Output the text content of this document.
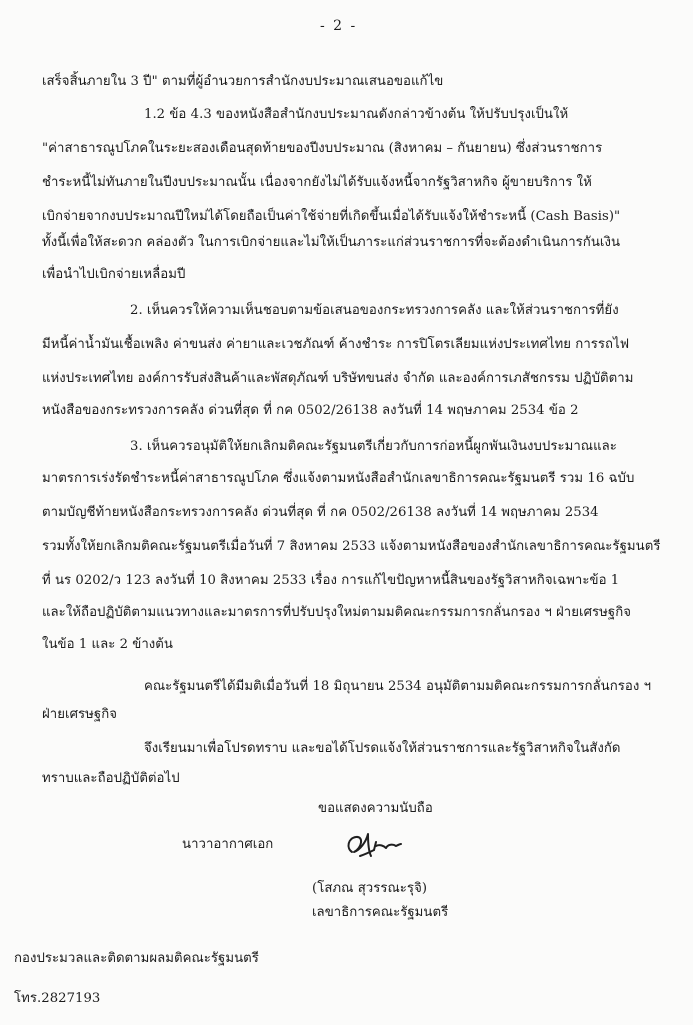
- 2 -
เสร็จสิ้นภายใน 3 ปี" ตามที่ผู้อำนวยการสำนักงบประมาณเสนอขอแก้ไข
1.2 ข้อ 4.3 ของหนังสือสำนักงบประมาณดังกล่าวข้างต้น ให้ปรับปรุงเป็นให้
"ค่าสาธารณูปโภคในระยะสองเดือนสุดท้ายของปีงบประมาณ (สิงหาคม – กันยายน) ซึ่งส่วนราชการ
ชำระหนี้ไม่ทันภายในปีงบประมาณนั้น เนื่องจากยังไม่ได้รับแจ้งหนี้จากรัฐวิสาหกิจ ผู้ขายบริการ ให้
เบิกจ่ายจากงบประมาณปีใหม่ได้โดยถือเป็นค่าใช้จ่ายที่เกิดขึ้นเมื่อได้รับแจ้งให้ชำระหนี้ (Cash Basis)"
ทั้งนี้เพื่อให้สะดวก คล่องตัว ในการเบิกจ่ายและไม่ให้เป็นภาระแก่ส่วนราชการที่จะต้องดำเนินการกันเงิน
เพื่อนำไปเบิกจ่ายเหลื่อมปี
2. เห็นควรให้ความเห็นชอบตามข้อเสนอของกระทรวงการคลัง และให้ส่วนราชการที่ยัง
มีหนี้ค่าน้ำมันเชื้อเพลิง ค่าขนส่ง ค่ายาและเวชภัณฑ์ ค้างชำระ การปิโตรเลียมแห่งประเทศไทย การรถไฟ
แห่งประเทศไทย องค์การรับส่งสินค้าและพัสดุภัณฑ์ บริษัทขนส่ง จำกัด และองค์การเภสัชกรรม ปฏิบัติตาม
หนังสือของกระทรวงการคลัง ด่วนที่สุด ที่ กค 0502/26138 ลงวันที่ 14 พฤษภาคม 2534 ข้อ 2
3. เห็นควรอนุมัติให้ยกเลิกมติคณะรัฐมนตรีเกี่ยวกับการก่อหนี้ผูกพันเงินงบประมาณและ
มาตรการเร่งรัดชำระหนี้ค่าสาธารณูปโภค ซึ่งแจ้งตามหนังสือสำนักเลขาธิการคณะรัฐมนตรี รวม 16 ฉบับ
ตามบัญชีท้ายหนังสือกระทรวงการคลัง ด่วนที่สุด ที่ กค 0502/26138 ลงวันที่ 14 พฤษภาคม 2534
รวมทั้งให้ยกเลิกมติคณะรัฐมนตรีเมื่อวันที่ 7 สิงหาคม 2533 แจ้งตามหนังสือของสำนักเลขาธิการคณะรัฐมนตรี
ที่ นร 0202/ว 123 ลงวันที่ 10 สิงหาคม 2533 เรื่อง การแก้ไขปัญหาหนี้สินของรัฐวิสาหกิจเฉพาะข้อ 1
และให้ถือปฏิบัติตามแนวทางและมาตรการที่ปรับปรุงใหม่ตามมติคณะกรรมการกลั่นกรอง ฯ ฝ่ายเศรษฐกิจ
ในข้อ 1 และ 2 ข้างต้น
คณะรัฐมนตรีได้มีมติเมื่อวันที่ 18 มิถุนายน 2534 อนุมัติตามมติคณะกรรมการกลั่นกรอง ฯ
ฝ่ายเศรษฐกิจ
จึงเรียนมาเพื่อโปรดทราบ และขอได้โปรดแจ้งให้ส่วนราชการและรัฐวิสาหกิจในสังกัด
ทราบและถือปฏิบัติต่อไป
ขอแสดงความนับถือ
นาวาอากาศเอก
(โสภณ สุวรรณะรุจิ)
เลขาธิการคณะรัฐมนตรี
กองประมวลและติดตามผลมติคณะรัฐมนตรี
โทร.2827193
